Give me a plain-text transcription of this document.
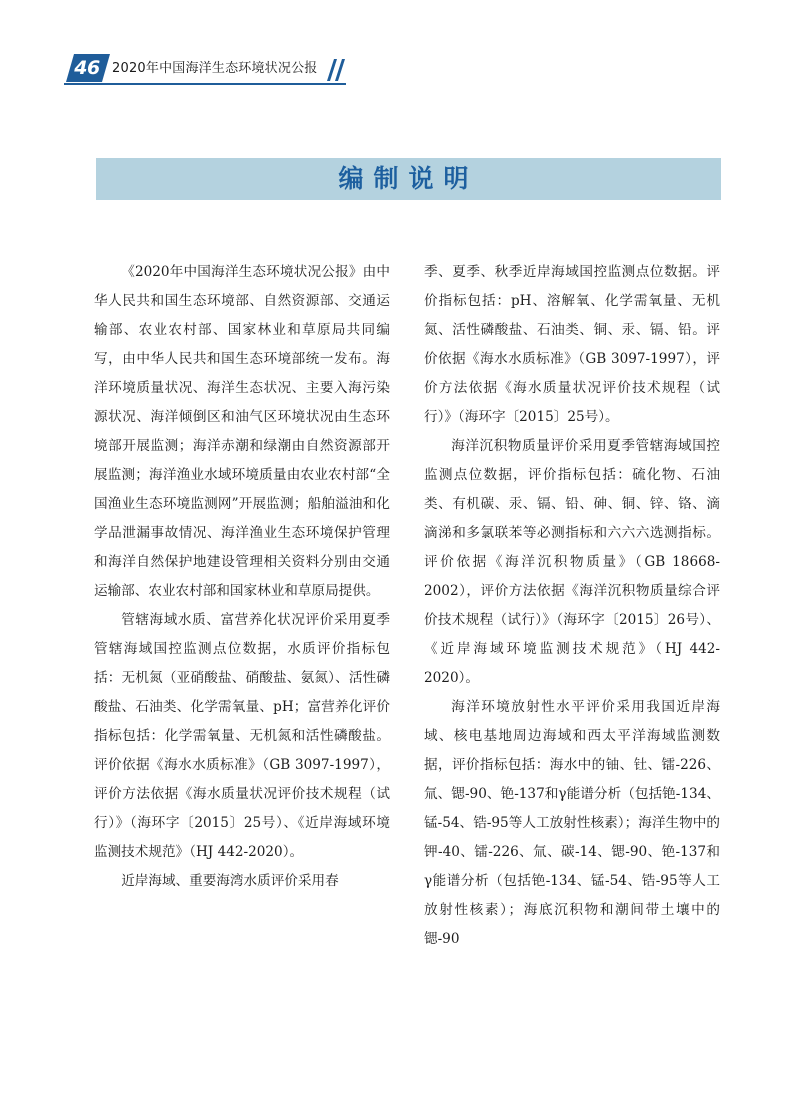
46 2020年中国海洋生态环境状况公报
编制说明

《2020年中国海洋生态环境状况公报》由中华人民共和国生态环境部、自然资源部、交通运输部、农业农村部、国家林业和草原局共同编写，由中华人民共和国生态环境部统一发布。海洋环境质量状况、海洋生态状况、主要入海污染源状况、海洋倾倒区和油气区环境状况由生态环境部开展监测；海洋赤潮和绿潮由自然资源部开展监测；海洋渔业水域环境质量由农业农村部“全国渔业生态环境监测网”开展监测；船舶溢油和化学品泄漏事故情况、海洋渔业生态环境保护管理和海洋自然保护地建设管理相关资料分别由交通运输部、农业农村部和国家林业和草原局提供。

管辖海域水质、富营养化状况评价采用夏季管辖海域国控监测点位数据，水质评价指标包括：无机氮（亚硝酸盐、硝酸盐、氨氮）、活性磷酸盐、石油类、化学需氧量、pH；富营养化评价指标包括：化学需氧量、无机氮和活性磷酸盐。评价依据《海水水质标准》（GB 3097-1997），评价方法依据《海水质量状况评价技术规程（试行）》（海环字〔2015〕25号）、《近岸海域环境监测技术规范》（HJ 442-2020）。

近岸海域、重要海湾水质评价采用春

季、夏季、秋季近岸海域国控监测点位数据。评价指标包括：pH、溶解氧、化学需氧量、无机氮、活性磷酸盐、石油类、铜、汞、镉、铅。评价依据《海水水质标准》（GB 3097-1997），评价方法依据《海水质量状况评价技术规程（试行）》（海环字〔2015〕25号）。

海洋沉积物质量评价采用夏季管辖海域国控监测点位数据，评价指标包括：硫化物、石油类、有机碳、汞、镉、铅、砷、铜、锌、铬、滴滴涕和多氯联苯等必测指标和六六六选测指标。评价依据《海洋沉积物质量》（GB 18668-2002），评价方法依据《海洋沉积物质量综合评价技术规程（试行）》（海环字〔2015〕26号）、《近岸海域环境监测技术规范》（HJ 442-2020）。

海洋环境放射性水平评价采用我国近岸海域、核电基地周边海域和西太平洋海域监测数据，评价指标包括：海水中的铀、钍、镭-226、氚、锶-90、铯-137和γ能谱分析（包括铯-134、锰-54、锆-95等人工放射性核素）；海洋生物中的钾-40、镭-226、氚、碳-14、锶-90、铯-137和γ能谱分析（包括铯-134、锰-54、锆-95等人工放射性核素）；海底沉积物和潮间带土壤中的锶-90
